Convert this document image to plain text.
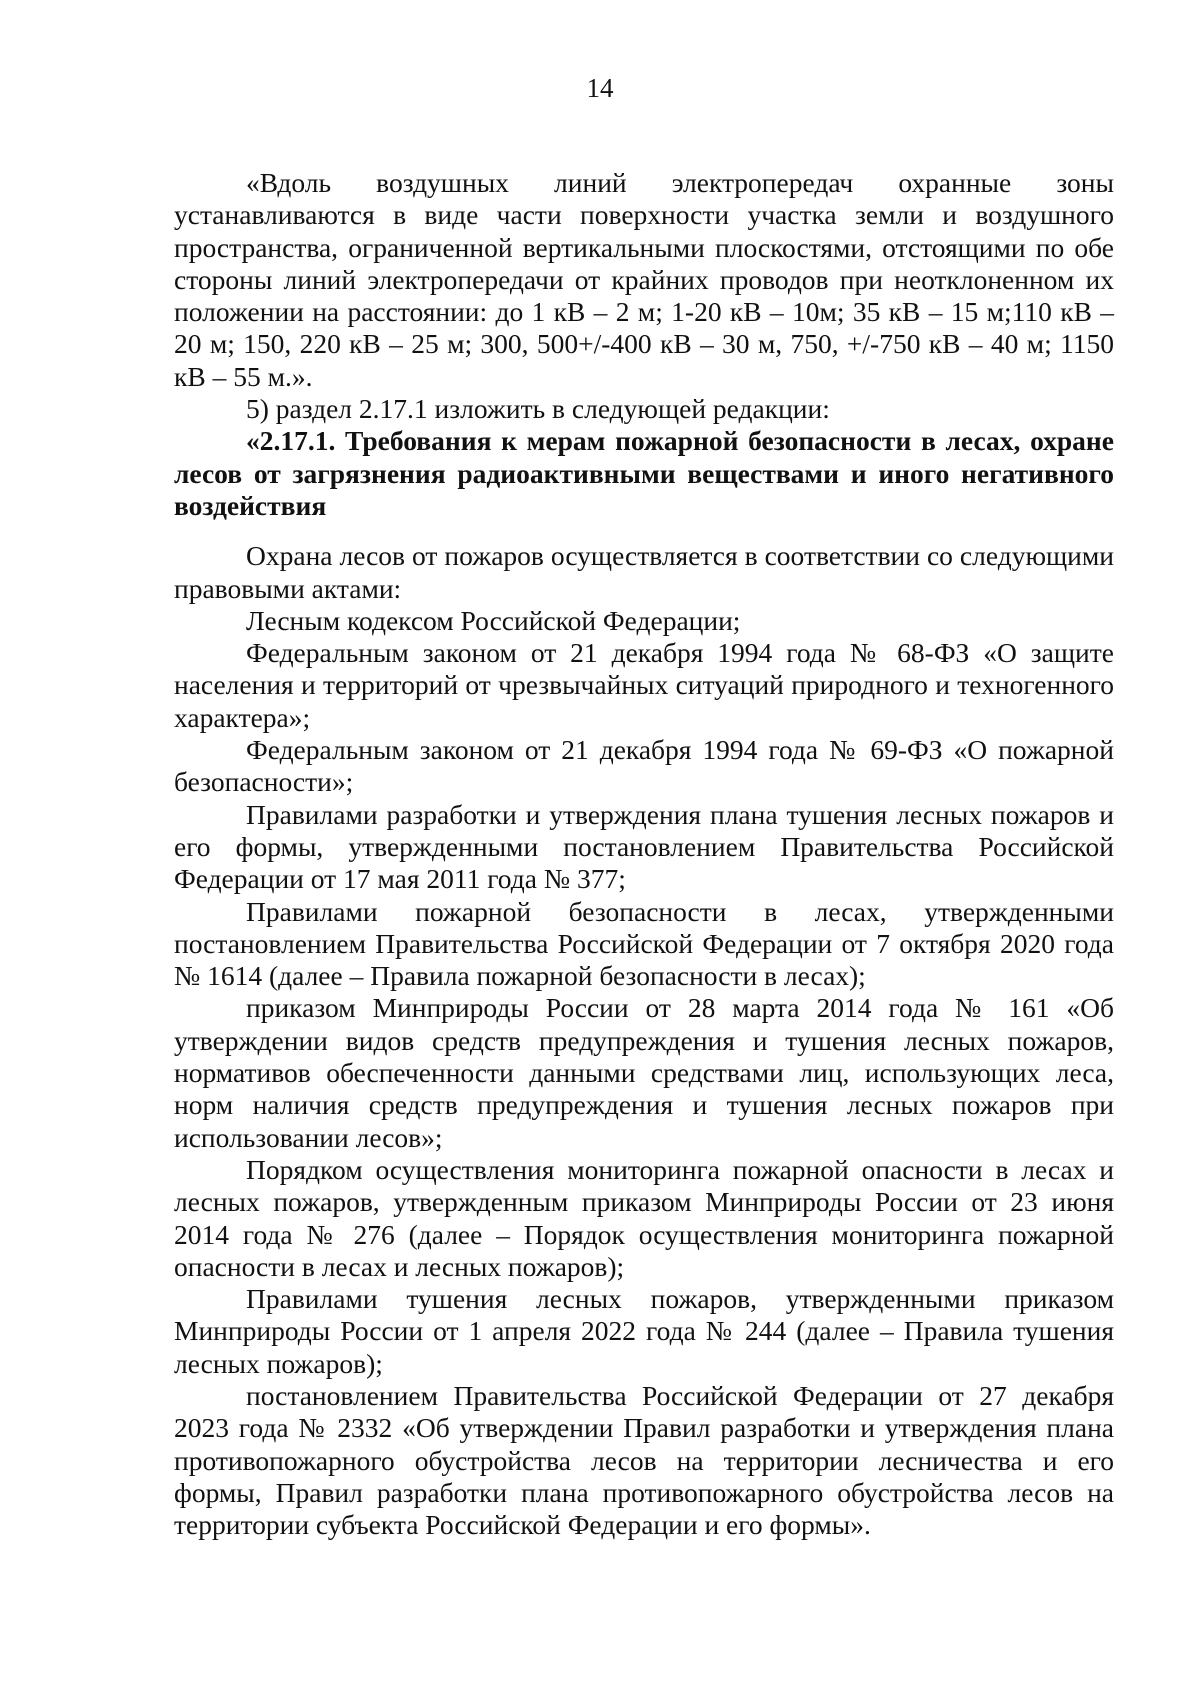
14

«Вдоль воздушных линий электропередач охранные зоны устанавливаются в виде части поверхности участка земли и воздушного пространства, ограниченной вертикальными плоскостями, отстоящими по обе стороны линий электропередачи от крайних проводов при неотклоненном их положении на расстоянии: до 1 кВ – 2 м; 1-20 кВ – 10м; 35 кВ – 15 м;110 кВ – 20 м; 150, 220 кВ – 25 м; 300, 500+/-400 кВ – 30 м, 750, +/-750 кВ – 40 м; 1150 кВ – 55 м.».

5) раздел 2.17.1 изложить в следующей редакции:

«2.17.1. Требования к мерам пожарной безопасности в лесах, охране лесов от загрязнения радиоактивными веществами и иного негативного воздействия

Охрана лесов от пожаров осуществляется в соответствии со следующими правовыми актами:

Лесным кодексом Российской Федерации;

Федеральным законом от 21 декабря 1994 года № 68-ФЗ «О защите населения и территорий от чрезвычайных ситуаций природного и техногенного характера»;

Федеральным законом от 21 декабря 1994 года № 69-ФЗ «О пожарной безопасности»;

Правилами разработки и утверждения плана тушения лесных пожаров и его формы, утвержденными постановлением Правительства Российской Федерации от 17 мая 2011 года № 377;

Правилами пожарной безопасности в лесах, утвержденными постановлением Правительства Российской Федерации от 7 октября 2020 года № 1614 (далее – Правила пожарной безопасности в лесах);

приказом Минприроды России от 28 марта 2014 года № 161 «Об утверждении видов средств предупреждения и тушения лесных пожаров, нормативов обеспеченности данными средствами лиц, использующих леса, норм наличия средств предупреждения и тушения лесных пожаров при использовании лесов»;

Порядком осуществления мониторинга пожарной опасности в лесах и лесных пожаров, утвержденным приказом Минприроды России от 23 июня 2014 года № 276 (далее – Порядок осуществления мониторинга пожарной опасности в лесах и лесных пожаров);

Правилами тушения лесных пожаров, утвержденными приказом Минприроды России от 1 апреля 2022 года № 244 (далее – Правила тушения лесных пожаров);

постановлением Правительства Российской Федерации от 27 декабря 2023 года № 2332 «Об утверждении Правил разработки и утверждения плана противопожарного обустройства лесов на территории лесничества и его формы, Правил разработки плана противопожарного обустройства лесов на территории субъекта Российской Федерации и его формы».
